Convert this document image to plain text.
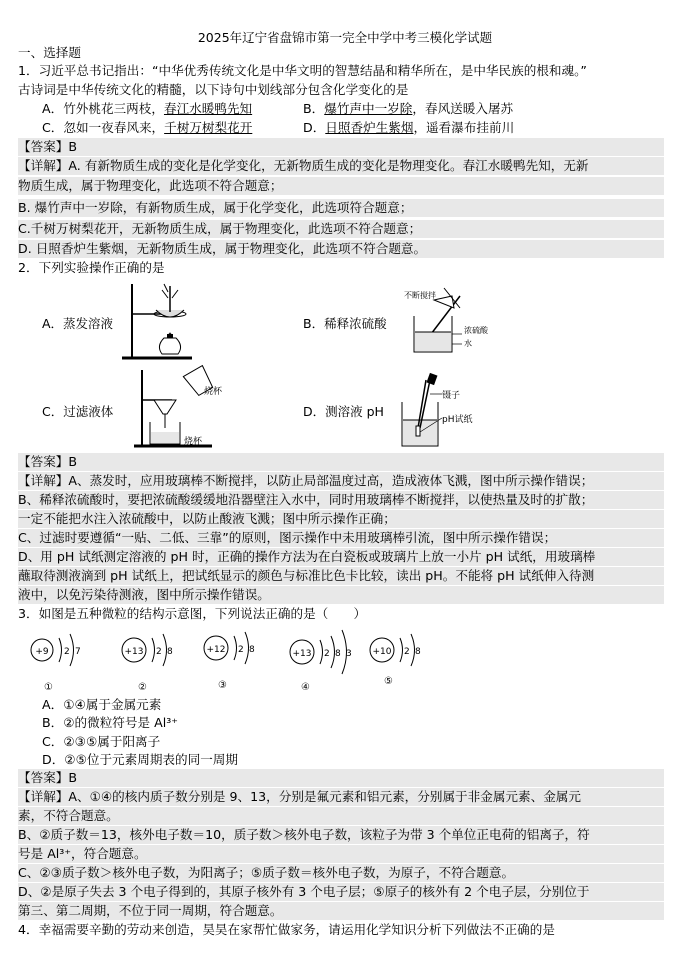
2025年辽宁省盘锦市第一完全中学中考三模化学试题
一、选择题
1．习近平总书记指出：“中华优秀传统文化是中华文明的智慧结晶和精华所在，是中华民族的根和魂。”
古诗词是中华传统文化的精髓，以下诗句中划线部分包含化学变化的是
A．竹外桃花三两枝，春江水暖鸭先知	B．爆竹声中一岁除，春风送暖入屠苏
C．忽如一夜春风来，千树万树梨花开	D．日照香炉生紫烟，遥看瀑布挂前川
【答案】B
【详解】A. 有新物质生成的变化是化学变化，无新物质生成的变化是物理变化。春江水暖鸭先知，无新
物质生成，属于物理变化，此选项不符合题意；
B. 爆竹声中一岁除，有新物质生成，属于化学变化，此选项符合题意；
C.千树万树梨花开，无新物质生成，属于物理变化，此选项不符合题意；
D. 日照香炉生紫烟，无新物质生成，属于物理变化，此选项不符合题意。
2．下列实验操作正确的是
A．蒸发溶液	B．稀释浓硫酸
C．过滤液体	D．测溶液 pH
不断搅拌
浓硫酸
水
烧杯
烧杯
镊子
pH试纸
【答案】B
【详解】A、蒸发时，应用玻璃棒不断搅拌，以防止局部温度过高，造成液体飞溅，图中所示操作错误；
B、稀释浓硫酸时，要把浓硫酸缓缓地沿器壁注入水中，同时用玻璃棒不断搅拌，以使热量及时的扩散；
一定不能把水注入浓硫酸中，以防止酸液飞溅；图中所示操作正确；
C、过滤时要遵循“一贴、二低、三靠”的原则，图示操作中未用玻璃棒引流，图中所示操作错误；
D、用 pH 试纸测定溶液的 pH 时，正确的操作方法为在白瓷板或玻璃片上放一小片 pH 试纸，用玻璃棒
蘸取待测液滴到 pH 试纸上，把试纸显示的颜色与标准比色卡比较，读出 pH。不能将 pH 试纸伸入待测
液中，以免污染待测液，图中所示操作错误。
3．如图是五种微粒的结构示意图，下列说法正确的是（　　）
+9 2 7
①
+13 2 8
②
+12 2 8
③
+13 2 8 3
④
+10 2 8
⑤
A．①④属于金属元素
B．②的微粒符号是 Al³⁺
C．②③⑤属于阳离子
D．②⑤位于元素周期表的同一周期
【答案】B
【详解】A、①④的核内质子数分别是 9、13，分别是氟元素和铝元素，分别属于非金属元素、金属元
素，不符合题意。
B、②质子数＝13，核外电子数＝10，质子数＞核外电子数，该粒子为带 3 个单位正电荷的铝离子，符
号是 Al³⁺，符合题意。
C、②③质子数＞核外电子数，为阳离子；⑤质子数＝核外电子数，为原子，不符合题意。
D、②是原子失去 3 个电子得到的，其原子核外有 3 个电子层；⑤原子的核外有 2 个电子层，分别位于
第三、第二周期，不位于同一周期，符合题意。
4．幸福需要辛勤的劳动来创造，昊昊在家帮忙做家务，请运用化学知识分析下列做法不正确的是
